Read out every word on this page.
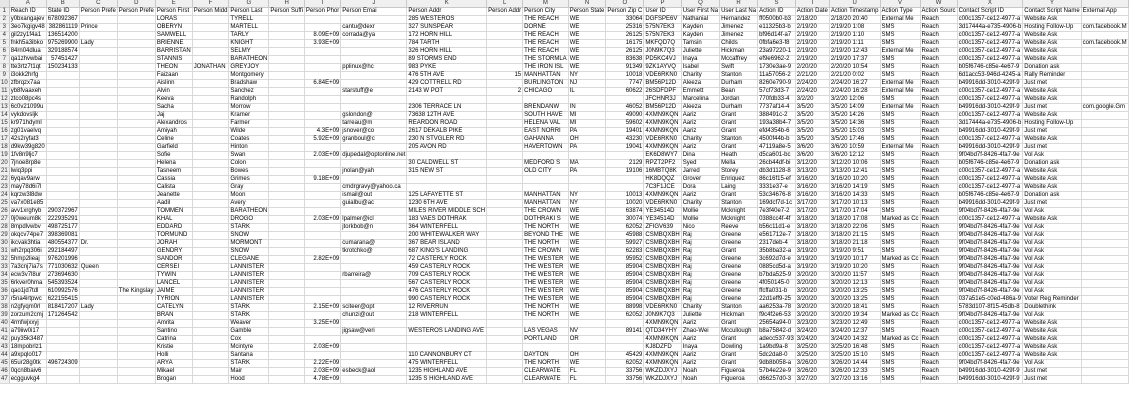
	A	B	C	D	E	F	G	H	I	J	K	L	M	N	O	P	Q	R	S	T	U	V	W	X	Y	
1	Reach ID	State ID	Person Prefe	Person Prefe	Person First	Person Midd	Person Last	Person Suffi	Person Phor	Person Emai	Person Addr	Person Addr	Person City	Person State	Person Zip C	User ID	User First Na	User Last Na	Action ID	Action Date	Action Timestamp	Action Type	Action Sourc	Contact Script ID	Contact Script Name	External App
2	y0bxangajev	678092367			LORAS		TYRELL				285 WESTEROS		THE REACH	WE	33064	DGFSPE6V	Nathanial	Hernandez	ff0500b0-b3	2/18/20	2/18/20 20:40	External Me	Reach	c00c1357-ce12-4977-a	Website Ask	
3	3eo7kgigv48	382861119	Prince		OBERYN		MARTELL			cantu@dexr	327 SUNSPEAR		DORNE	WE	25316	575N7EK3	Kayden	Jimenez	e11325b3-b	2/19/20	2/19/20 1:08	SMS	Reach	3d17444a-e735-4906-b	Hosting Follow-Up	com.facebook.M
4	gil2zy1f4a1	136514200			SAMWELL		TARLY		8.09E+09	corrada@ya	172 HORN HILL		THE REACH	WE	26125	575N7EK3	Kayden	Jimenez	bf96d14f-a7	2/19/20	2/19/20 1:10	SMS	Reach	c00c1357-ce12-4977-a	Website Ask	
5	fnkh5a3ibko	975269900	Lady		BRIENNE		KNIGHT		3.93E+09		784 TARTH		THE REACH	WE	16175	MKFQD7Q	Tamsin	Childs	0fbfa6e3-f8	2/19/20	2/19/20 1:11	SMS	Reach	c00c1357-ce12-4977-a	Website Ask	com.facebook.M
6	84rn04dlua	329188574			BARRISTAN		SELMY				326 HORN HILL		THE REACH	WE	26125	J0N9K7Q3	Juliette	Hickman	23a97220-1	2/19/20	2/19/20 12:43	External Me	Reach	c00c1357-ce12-4977-a	Website Ask	
7	qa1zhvwbai	57451427			STANNIS		BARATHEON				89 STORMS END		THE STORMLA	WE	83638	PD5KC4VJ	Inaya	Mccaffrey	ef9e6962-2	2/19/20	2/19/20 17:37	SMS	Reach	c00c1357-ce12-4977-a	Website Ask	
8	tte3rtz7t1qt	150234133			THEON	JONATHAN	GREYJOY			pplinux@hc	983 PYKE		THE IRON ISL	WE	91349	9ZK1AYVQ	Isabel	Swift	1730e3ae-9	2/20/20	2/20/20 10:54	SMS	Reach	b05f6746-c85e-4e67-9	Donation ask	
9	i3okk2hrfg				Faizaan		Montgomery				476 5TH AVE	15	MANHATTAN	NY	10018	VDE6RKN0	Charity	Stanton	11a57056-2	2/21/20	2/21/20 0:02	SMS	Reach	6d1acc53-946d-4245-a	Rally Reminder	
10	zfbrqzx7aa				Aislinn		Bradshaw		6.84E+09		429 COTTRELL RD		BURLINGTON	NJ	7747	BM56P12D	Aleeza	Durham	8260e790-9	2/24/20	2/24/20 16:27	External Me	Reach	b49916dd-3010-429f-9	Just met	
11	yb8fvaaxeh				Alvin		Sanchez			starstuff@e	2143 W POT	2	CHICAGO	IL	60622	26SDFDPF	Emmett	Bean	57cf73d3-7	2/24/20	2/24/20 16:28	External Me	Reach	c00c1357-ce12-4977-a	Website Ask	
12	ztco08pc4s				Keeva		Randolph									JFCHNR3J	Marcelina	Jordan	770fdb33-4	3/2/20	3/2/20 12:06	SMS	Reach	c00c1357-ce12-4977-a	Website Ask	
13	6c0v21099u				Sacha		Morrow				2306 TERRACE LN		BRENDANW	IN	46052	BM56P12D	Aleeza	Durham	7737af14-4	3/5/20	3/5/20 14:09	External Me	Reach	b49916dd-3010-429f-9	Just met	com.google.Gm
14	vykdovsljk				Jaj		Kramer			gslondon@	73638 12TH AVE		SOUTH HAVE	MI	49090	4XMN9KQN	Aariz	Grant	388491c-2	3/5/20	3/5/20 14:26	SMS	Reach	c00c1357-ce12-4977-a	Website Ask	
15	kr971hdyml				Alexandros		Farmer			tarreau@m	REARDON ROAD		HELENA VAL	MI	59602	4XMN9KQN	Aariz	Grant	193a38b4-7	3/5/20	3/5/20 14:36	SMS	Reach	3d17444a-e735-4906-b	Hosting Follow-Up	
16	zg01vaelvq				Amiyah		Wilde		4.3E+09	jsnover@co	2617 DEKALB PIKE		EAST NORRI	PA	19401	4XMN9KQN	Aariz	Grant	efd4354b-6	3/5/20	3/5/20 15:03	SMS	Reach	b49916dd-3010-429f-9	Just met	
17	42s2ryfat3				Celine		Coates		5.92E+09	granboul@c	230 N STVGLER RD		GAHANNA	OH	43230	VDE6RKN0	Charity	Stanton	4500f44b-b	3/5/20	3/5/20 17:46	SMS	Reach	c00c1357-ce12-4977-a	Website Ask	
18	d9kw39g820				Garfield		Hinton				205 AVON RD		HAVERTOWN	PA	19041	4XMN9KQN	Aariz	Grant	47119a8e-5	3/6/20	3/6/20 10:59	External Me	Reach	b49916dd-3010-429f-9	Just met	
19	1fv8n9ljc7				Sofie		Swan		2.03E+09	djupedal@optonline.net						EK6D8WY7	Dina	Heath	d5ca601-bc	3/6/20	3/6/20 12:12	SMS	Reach	9f04bd7f-8426-4fa7-9e	Vol Ask	
20	7jnoe8rp8e				Helena		Colon				30 CALDWELL ST		MEDFORD S	MA	2129	RPZT2PF2	Syed	Mella	26cb44df-bi	3/12/20	3/12/20 10:06	SMS	Reach	b05f6746-c85e-4e67-9	Donation ask	
21	lwiq3ppi				Tasneem		Bowes			jnolan@yah	315 NEW ST		OLD CITY	PA	19106	16MBTQ8K	Jarred	Storey	db3d1128-8	3/13/20	3/13/20 12:41	SMS	Reach	c00c1357-ce12-4977-a	Website Ask	
22	6yqav9arw				Cassia		Grimes		9.18E+09							HK8DQQZ	Grover	Enriquez	86c16f15-ef	3/16/20	3/16/20 10:20	SMS	Reach	c00c1357-ce12-4977-a	Website Ask	
23	may78d6i7l				Calista		Gray			cmdrgravy@yahoo.ca						7C3F1JCE	Dora	Laing	3331e37-e	3/16/20	3/16/20 14:19	SMS	Reach	c00c1357-ce12-4977-a	Website Ask	
24	kqrzw3l8dw				Jeanette		Moon			ismail@out	125 LAFAYETTE ST		MANHATTAN	NY	10013	4XMN9KQN	Aariz	Grant	53c34676-8	3/16/20	3/16/20 14:33	SMS	Reach	b05f6746-c85e-4e67-9	Donation ask	
25	va7x081e85				Aadil		Avery			guialbu@ac	1230 6TH AVE		MANHATTAN	NY	10020	VDE6RKN0	Charity	Stanton	169dcf7d-1c	3/17/20	3/17/20 10:13	SMS	Reach	b49916dd-3010-429f-9	Just met	
26	avv1xrghyb	290372967			TOMMEN		BARATHEON				MILES RIVER MIDDLE SCH		THE CROWN	WE	63874	YE34514D	Mollie	Mcknight	7e3f40e7-2	3/17/20	3/17/20 17:04	SMS	Reach	9f04bd7f-8426-4fa7-9e	Vol Ask	
27	0j0weum8k	222935291			KHAL		DROGO		2.03E+09	lpalmer@icl	183 VAES DOTHRAK		DOTHRAKI S	WE	30074	YE34514D	Mollie	Mcknight	0388cc4f-4f	3/18/20	3/18/20 17:08	Marked as Cc	Reach	c00c1357-ce12-4977-a	Website Ask	
28	8mpdlvwbv	498725177			EDDARD		STARK			jtorkbob@n	364 WINTERFELL		THE NORTH	WE	62052	ZFIGV639	Nico	Reeve	b56c11d1-e	3/18/20	3/18/20 22:06	SMS	Reach	9f04bd7f-8426-4fa7-9e	Vol Ask	
29	okqcv74pe7	398369081			TORMUND		SNOW				200 WHITEWALKER WAY		BEYOND THE	WE	45988	CSMBQXBH	Raj	Greene	e561712e-7	3/18/20	3/18/20 21:15	SMS	Reach	9f04bd7f-8426-4fa7-9e	Vol Ask	
30	ikcvak3htia	480554377	Dr.		JORAH		MORMONT			cumarana@	367 BEAR ISLAND		THE NORTH	WE	59927	CSMBQXBH	Raj	Greene	2317deb-4	3/18/20	3/18/20 21:18	SMS	Reach	9f04bd7f-8426-4fa7-9e	Vol Ask	
31	wh2rpq306i	292184497			GENDRY		SNOW			tkrotchko@	687 KING'S LANDING		THE CROWN	WE	62283	CSMBQXBH	Raj	Grant	35b8ba32-a	3/19/20	3/19/20 9:51	SMS	Reach	9f04bd7f-8426-4fa7-9e	Vol Ask	
32	5hmp2lieaj	976201996			SANDOR		CLEGANE		2.82E+09		72 CASTERLY ROCK		THE WESTER	WE	95952	CSMBQXBH	Raj	Greene	3c692d7d-e	3/19/20	3/19/20 10:17	Marked as Cc	Reach	9f04bd7f-8426-4fa7-9e	Vol Ask	
33	7a3cnj7ia7s	771030632	Queen		CERSEI		LANNISTER				459 CASTERLY ROCK		THE WESTER	WE	85904	CSMBQXBH	Raj	Greene	0885cd5d-a	3/19/20	3/19/20 10:20	SMS	Reach	9f04bd7f-8426-4fa7-9e	Vol Ask	
34	ecw3v7l8ur	273694630			TYWIN		LANNISTER			rbarreira@	709 CASTERLY ROCK		THE WESTER	WE	85904	CSMBQXBH	Raj	Greene	b7bda525-9	3/20/20	3/20/20 11:57	SMS	Reach	9f04bd7f-8426-4fa7-9e	Vol Ask	
35	6rkver0hma	545393524			LANCEL		LANNISTER				567 CASTERLY ROCK		THE WESTER	WE	85904	CSMBQXBH	Raj	Greene	4f050145-0	3/20/20	3/20/20 12:13	SMS	Reach	9f04bd7f-8426-4fa7-9e	Vol Ask	
36	qao1jd7tdl	610992576		The Kingslay	JAIME		LANNISTER				476 CASTERLY ROCK		THE WESTER	WE	85904	CSMBQXBH	Raj	Greene	ffcffa031-b	3/20/20	3/20/20 13:25	SMS	Reach	9f04bd7f-8426-4fa7-9e	Vol Ask	
37	r5na4irtpwc	622155415			TYRION		LANNISTER				990 CASTERLY ROCK		THE WESTER	WE	85904	CSMBQXBH	Raj	Greene	22d1eff9-25	3/20/20	3/20/20 13:25	SMS	Reach	037a51e5-c0ed-486a-9	Voter Reg Reminder	
38	n2gfyqm0rl	818417207	Lady		CATELYN		STARK		2.15E+09	sciteer@opt	12 RIVERRUN		THE NORTH	WE	88998	VDE6RKN0	Charity	Stanton	aa6253a-78	3/20/20	3/20/20 18:41	SMS	Reach	5783d107-8f15-45db-8	Doublethink	
39	zorzum2cmj	171264542			BRAN		STARK			chunzi@out	218 WINTERFELL		THE NORTH	WE	62052	J0N9K7Q3	Juliette	Hickman	f9c4f2e6-53	3/20/20	3/20/20 19:34	Marked as Cc	Reach	9f04bd7f-8426-4fa7-9e	Vol Ask	
40	4rmfwjxxyj				Amrita		Weaver		3.25E+09							4XMN9KQN	Aariz	Grant	25654a94-0	3/23/20	3/23/20 12:49	SMS	Reach	c00c1357-ce12-4977-a	Website Ask	
41	a79iiw0i17				Santino		Gamble			jigsaw@veri	WESTEROS LANDING AVE		LAS VEGAS	NV	89141	QTD34YHY	Zhao-Wei	Mccullough	b8a75842-d	3/24/20	3/24/20 12:37	SMS	Reach	c00c1357-ce12-4977-a	Website Ask	
42	puy35k3487				Catrina		Cox						PORTLAND	OR		4XMN9KQN	Aariz	Grant	adecc537-93	3/24/20	3/24/20 14:32	Marked as Cc	Reach	c00c1357-ce12-4977-a	Website Ask	
43	18mpobrlz1				Kristie		Mcintyre		2.03E+09							KJ8DZFD	Inaya	Dowling	1a9bd9a-8	3/25/20	3/25/20 16:48	SMS	Reach	c00c1357-ce12-4977-a	Website Ask	
44	a9xpqlo017				Holli		Santana				110 CANNONBURY CT		DAYTON	OH	45429	4XMN9KQN	Aariz	Grant	5dc2da8-0	3/25/20	3/25/20 15:10	SMS	Reach	c00c1357-ce12-4977-a	Website Ask	
45	65ur28g0tk	496724309			ARYA		STARK		2.22E+09		475 WINTERFELL		THE NORTH	WE	62052	4XMN9KQN	Aariz	Grant	9db8b058-a	3/26/20	3/26/20 14:44	SMS	Reach	9f04bd7f-8426-4fa7-9e	Vol Ask	
46	0qcn8baiv6				Mikael		Mair		2.03E+09	esbeck@aol	1235 HIGHLAND AVE		CLEARWATE	FL	33756	WKZDJXYJ	Noah	Figueroa	57b4e22e-9	3/26/20	3/26/20 12:33	SMS	Reach	b49916dd-3010-429f-9	Just met	
47	ecgguvkg4				Brogan		Hood		4.78E+09		1235 S HIGHLAND AVE		CLEARWATE	FL	33756	WKZDJXYJ	Noah	Figueroa	d66257d0-3	3/27/20	3/27/20 13:16	SMS	Reach	b49916dd-3010-429f-9	Just met	
